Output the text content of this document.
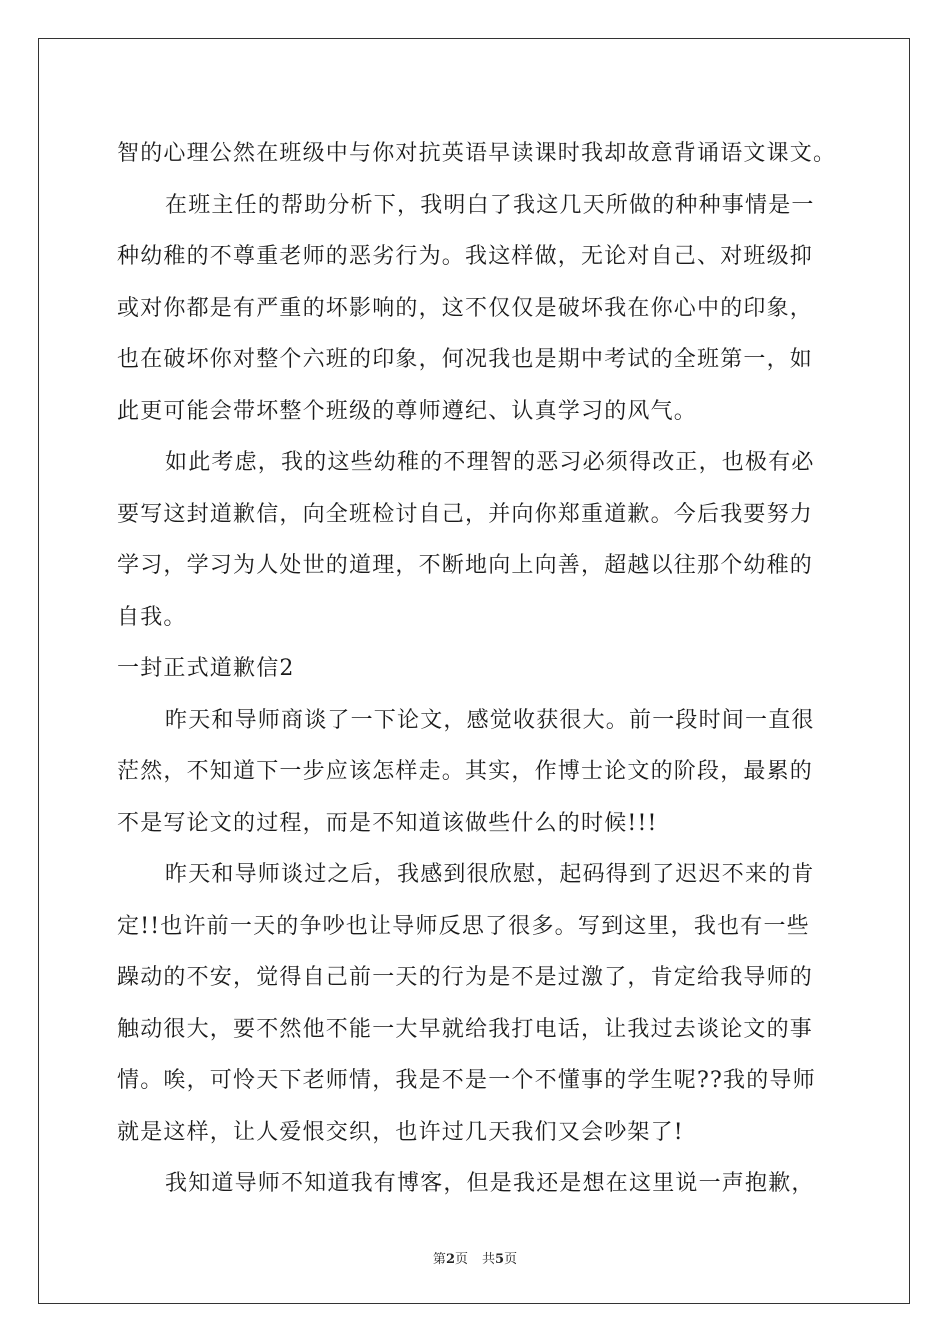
智的心理公然在班级中与你对抗英语早读课时我却故意背诵语文课文。
在班主任的帮助分析下，我明白了我这几天所做的种种事情是一
种幼稚的不尊重老师的恶劣行为。我这样做，无论对自己、对班级抑
或对你都是有严重的坏影响的，这不仅仅是破坏我在你心中的印象，
也在破坏你对整个六班的印象，何况我也是期中考试的全班第一，如
此更可能会带坏整个班级的尊师遵纪、认真学习的风气。
如此考虑，我的这些幼稚的不理智的恶习必须得改正，也极有必
要写这封道歉信，向全班检讨自己，并向你郑重道歉。今后我要努力
学习，学习为人处世的道理，不断地向上向善，超越以往那个幼稚的
自我。
一封正式道歉信2
昨天和导师商谈了一下论文，感觉收获很大。前一段时间一直很
茫然，不知道下一步应该怎样走。其实，作博士论文的阶段，最累的
不是写论文的过程，而是不知道该做些什么的时候!!!
昨天和导师谈过之后，我感到很欣慰，起码得到了迟迟不来的肯
定!!也许前一天的争吵也让导师反思了很多。写到这里，我也有一些
躁动的不安，觉得自己前一天的行为是不是过激了，肯定给我导师的
触动很大，要不然他不能一大早就给我打电话，让我过去谈论文的事
情。唉，可怜天下老师情，我是不是一个不懂事的学生呢??我的导师
就是这样，让人爱恨交织，也许过几天我们又会吵架了!
我知道导师不知道我有博客，但是我还是想在这里说一声抱歉，
第2页 共5页
